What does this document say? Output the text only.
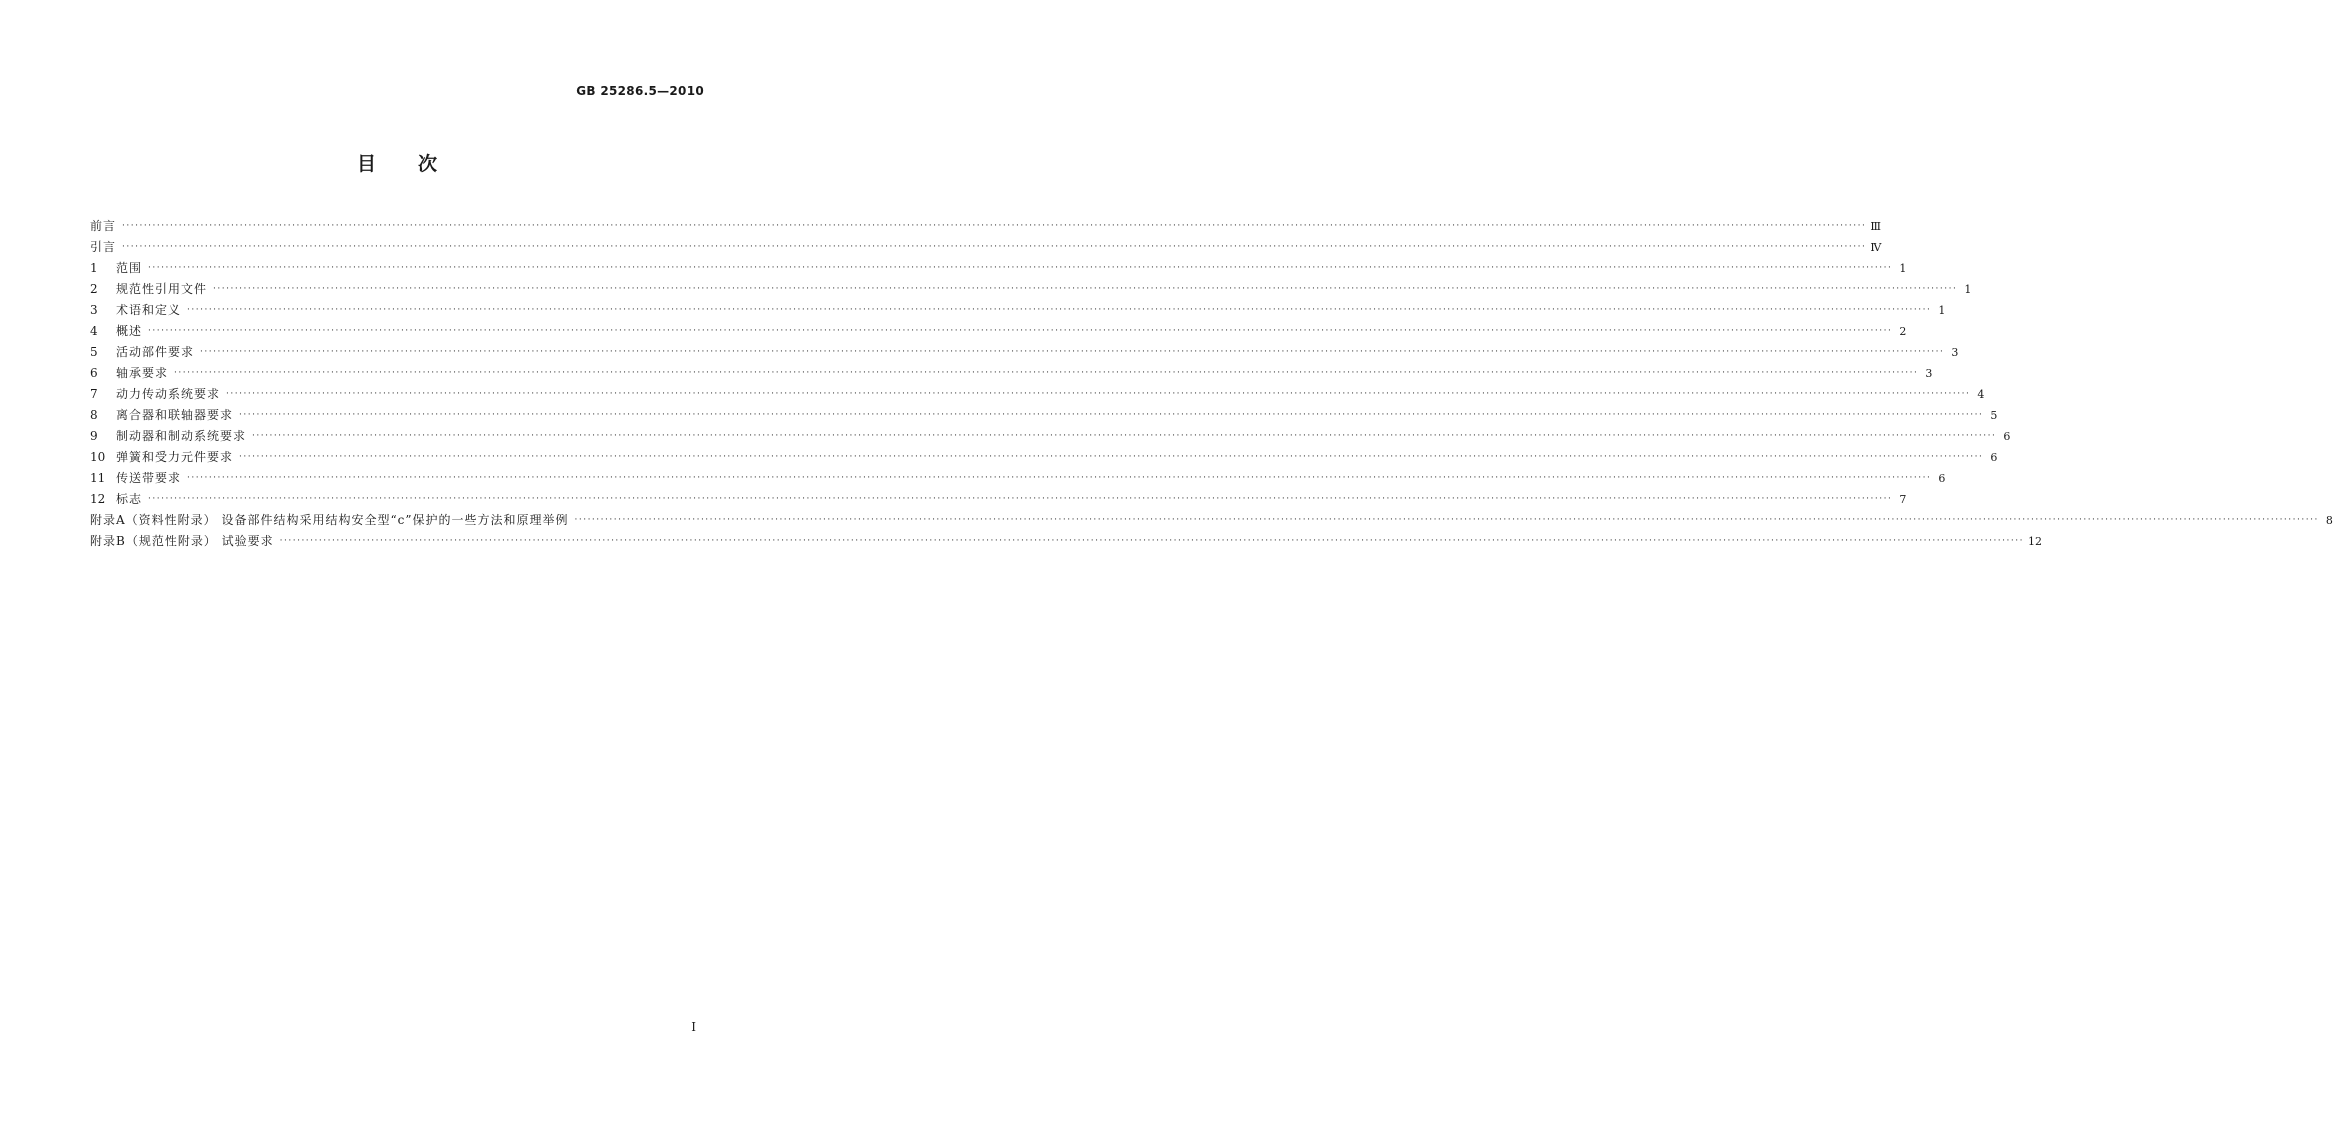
GB 25286.5—2010
目 次
前言 ················································································································································································································································································································································································································ Ⅲ
引言 ················································································································································································································································································································································································································ Ⅳ
1	范围 ················································································································································································································································································································································································································ 1
2	规范性引用文件 ················································································································································································································································································································································································································ 1
3	术语和定义 ················································································································································································································································································································································································································ 1
4	概述 ················································································································································································································································································································································································································ 2
5	活动部件要求 ················································································································································································································································································································································································································ 3
6	轴承要求 ················································································································································································································································································································································································································ 3
7	动力传动系统要求 ················································································································································································································································································································································································································ 4
8	离合器和联轴器要求 ················································································································································································································································································································································································································ 5
9	制动器和制动系统要求 ················································································································································································································································································································································································································ 6
10 弹簧和受力元件要求 ················································································································································································································································································································································································································ 6
11 传送带要求 ················································································································································································································································································································································································································ 6
12 标志 ················································································································································································································································································································································································································ 7
附录A（资料性附录） 设备部件结构采用结构安全型“c”保护的一些方法和原理举例 ················································································································································································································································································································································································································ 8
附录B（规范性附录） 试验要求 ················································································································································································································································································································································································································ 12
I
